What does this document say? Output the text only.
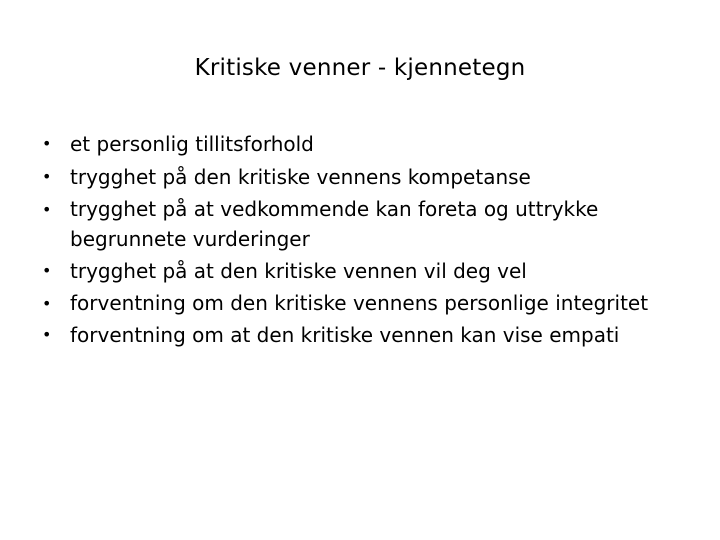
Kritiske venner - kjennetegn
• et personlig tillitsforhold
• trygghet på den kritiske vennens kompetanse
• trygghet på at vedkommende kan foreta og uttrykke begrunnete vurderinger
• trygghet på at den kritiske vennen vil deg vel
• forventning om den kritiske vennens personlige integritet
• forventning om at den kritiske vennen kan vise empati
